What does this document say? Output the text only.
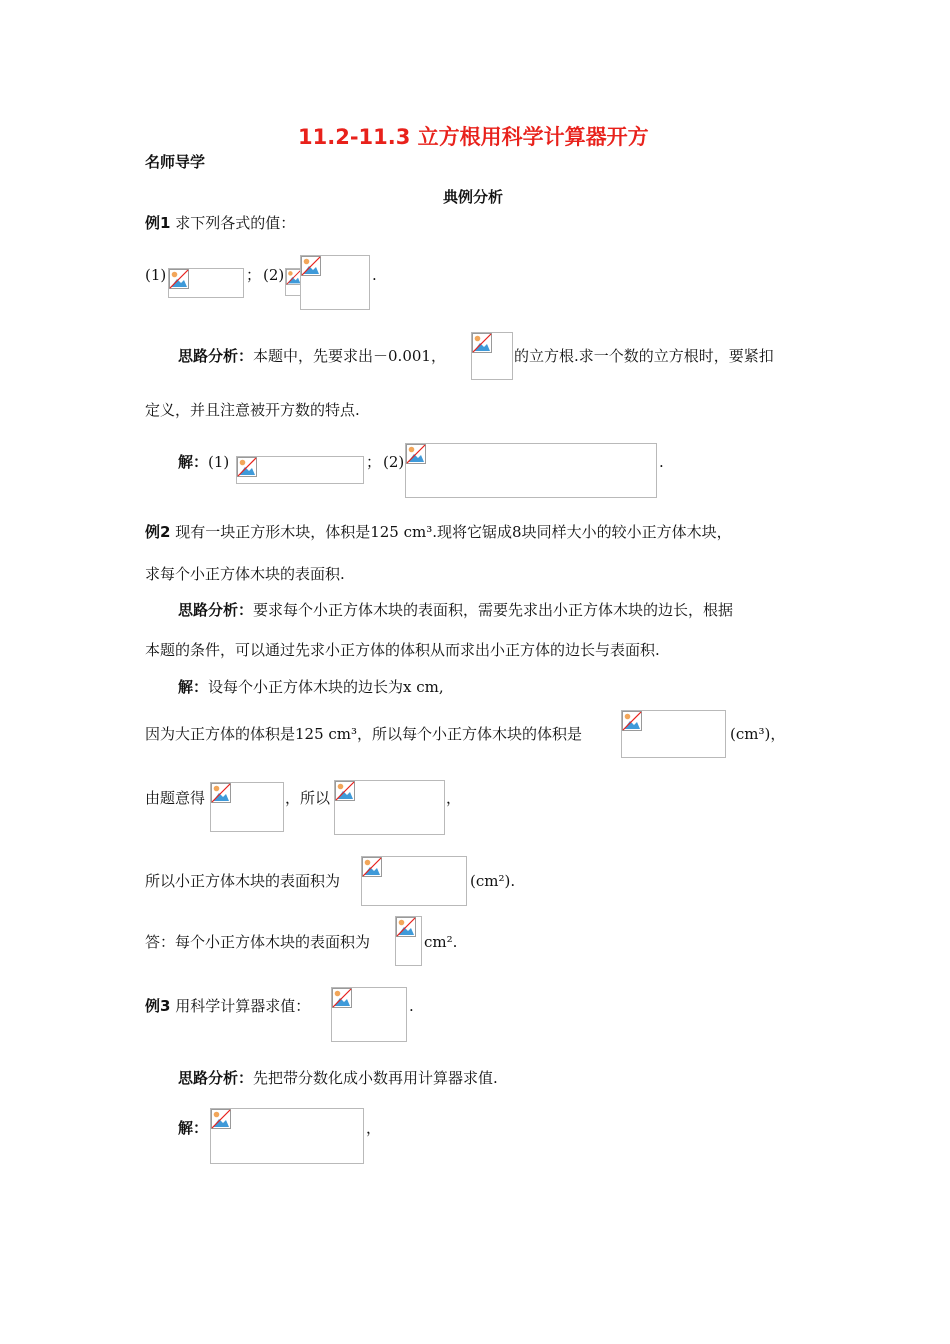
11.2-11.3 立方根用科学计算器开方
名师导学
典例分析
例1 求下列各式的值：
(1)	； (2)	.
思路分析：本题中，先要求出－0.001，	的立方根.求一个数的立方根时，要紧扣
定义，并且注意被开方数的特点.
解：(1)	； (2)	.
例2 现有一块正方形木块，体积是125 cm³.现将它锯成8块同样大小的较小正方体木块，
求每个小正方体木块的表面积.
思路分析：要求每个小正方体木块的表面积，需要先求出小正方体木块的边长，根据
本题的条件，可以通过先求小正方体的体积从而求出小正方体的边长与表面积.
解：设每个小正方体木块的边长为x cm,
因为大正方体的体积是125 cm³，所以每个小正方体木块的体积是	(cm³)，
由题意得	，所以	，
所以小正方体木块的表面积为	(cm²).
答：每个小正方体木块的表面积为	cm².
例3 用科学计算器求值：	.
思路分析：先把带分数化成小数再用计算器求值.
解：	，
